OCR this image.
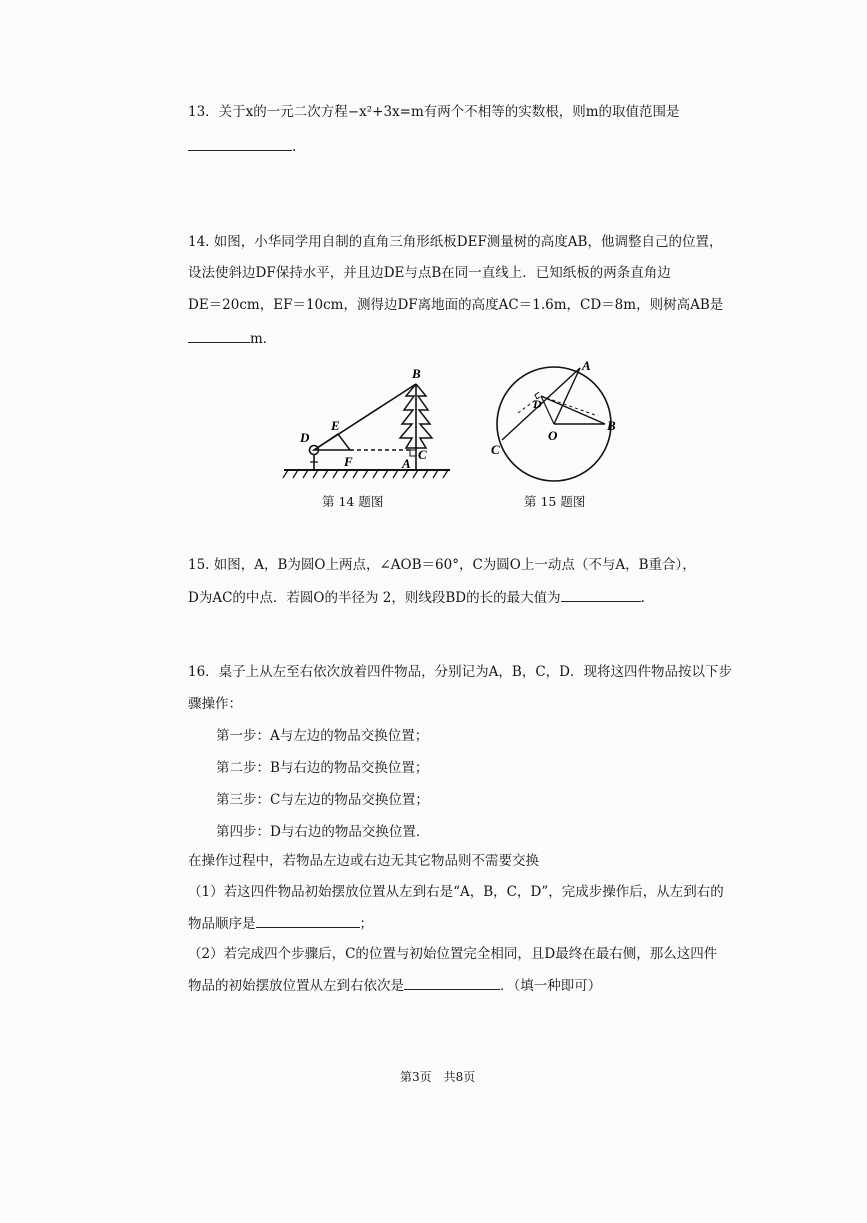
13．关于x的一元二次方程−x²+3x=m有两个不相等的实数根，则m的取值范围是
.
14. 如图，小华同学用自制的直角三角形纸板DEF测量树的高度AB，他调整自己的位置，
设法使斜边DF保持水平，并且边DE与点B在同一直线上．已知纸板的两条直角边
DE＝20cm，EF＝10cm，测得边DF离地面的高度AC＝1.6m，CD＝8m，则树高AB是
m．
B
E
D
F	A
C
第 14 题图
A
B
O
C
D
第 15 题图
15. 如图，A，B为圆O上两点，∠AOB＝60°，C为圆O上一动点（不与A，B重合），
D为AC的中点．若圆O的半径为 2，则线段BD的长的最大值为	.
16．桌子上从左至右依次放着四件物品，分别记为A，B，C，D．现将这四件物品按以下步
骤操作：
第一步：A与左边的物品交换位置；
第二步：B与右边的物品交换位置；
第三步：C与左边的物品交换位置；
第四步：D与右边的物品交换位置．
在操作过程中，若物品左边或右边无其它物品则不需要交换
（1）若这四件物品初始摆放位置从左到右是“A，B，C，D”，完成步操作后，从左到右的
物品顺序是	；
（2）若完成四个步骤后，C的位置与初始位置完全相同，且D最终在最右侧，那么这四件
物品的初始摆放位置从左到右依次是	．（填一种即可）
第3页　共8页
